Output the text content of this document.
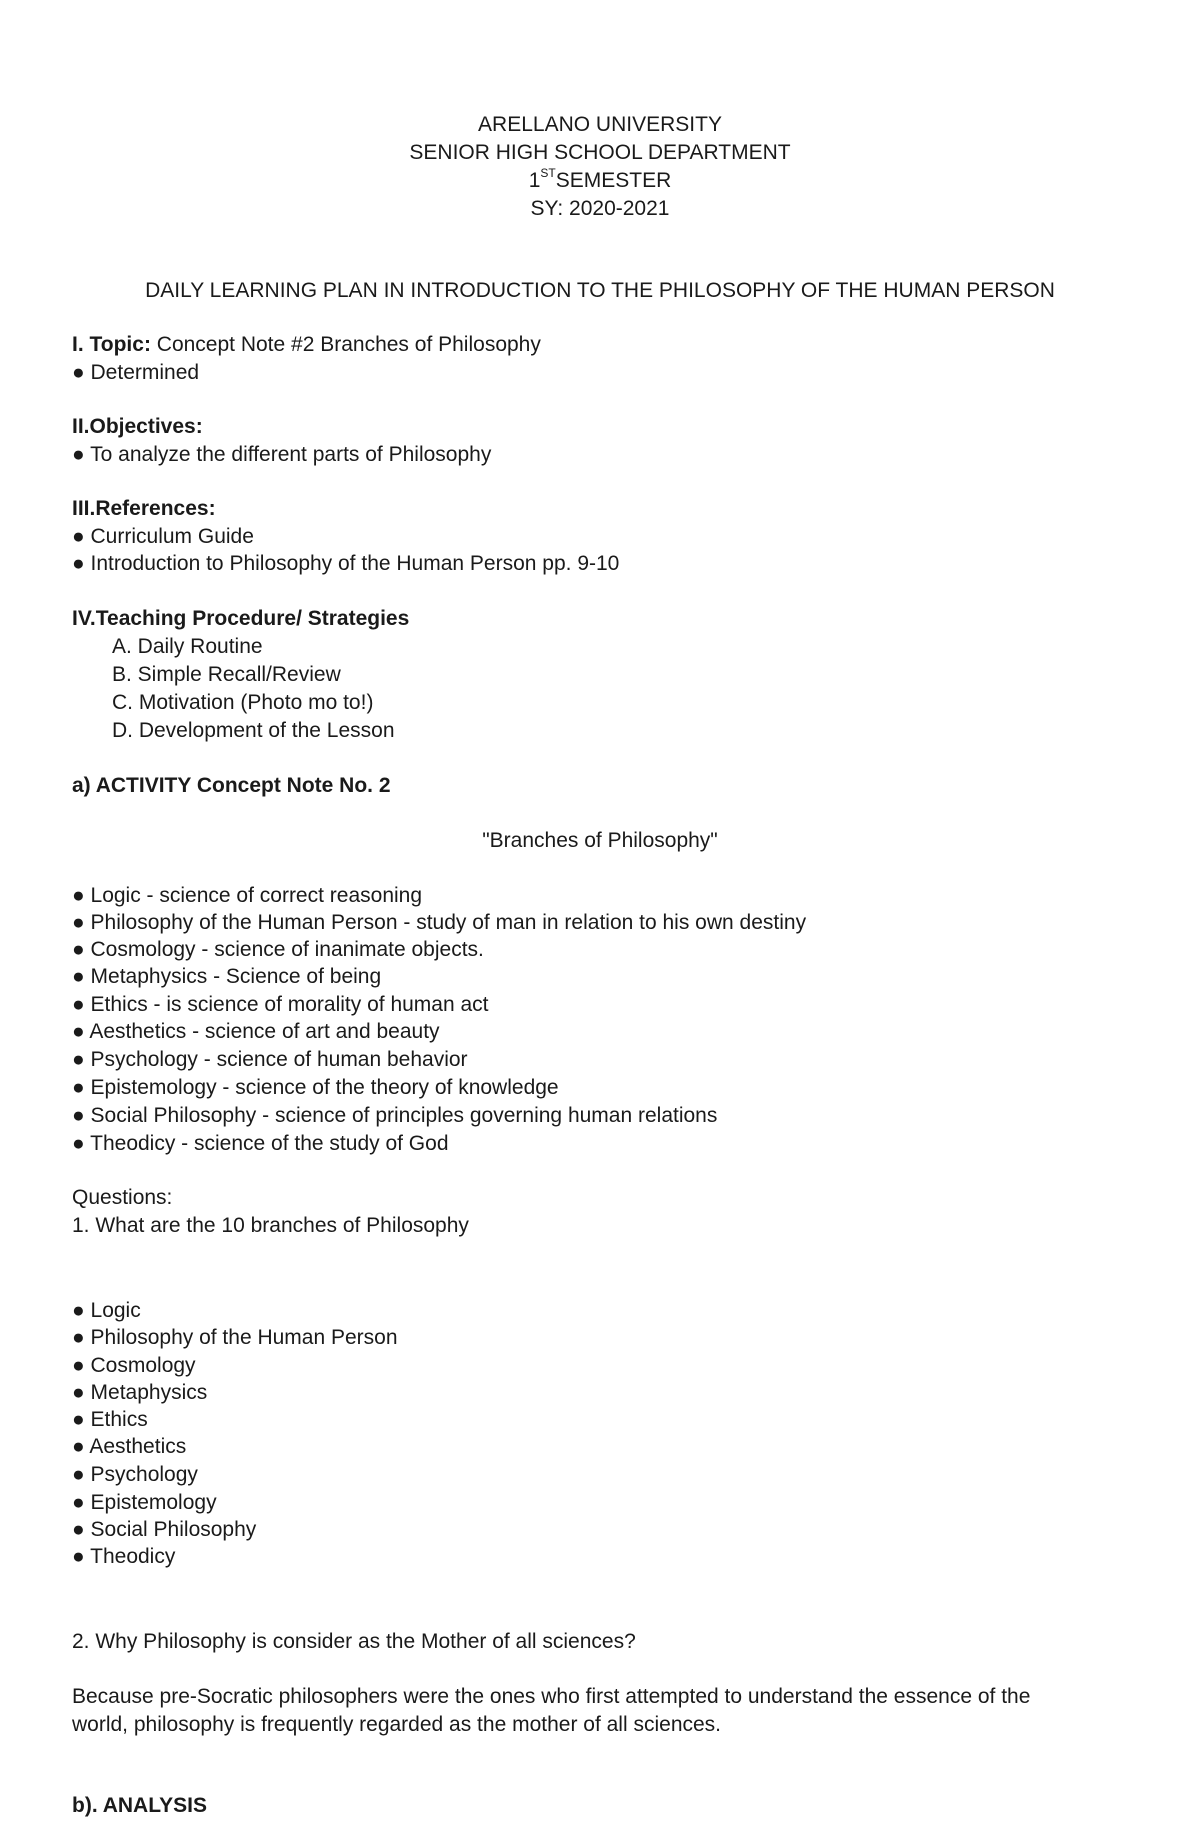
ARELLANO UNIVERSITY
SENIOR HIGH SCHOOL DEPARTMENT
1STSEMESTER
SY: 2020-2021
DAILY LEARNING PLAN IN INTRODUCTION TO THE PHILOSOPHY OF THE HUMAN PERSON
I. Topic: Concept Note #2 Branches of Philosophy
● Determined
II.Objectives:
● To analyze the different parts of Philosophy
III.References:
● Curriculum Guide
● Introduction to Philosophy of the Human Person pp. 9-10
IV.Teaching Procedure/ Strategies
A. Daily Routine
B. Simple Recall/Review
C. Motivation (Photo mo to!)
D. Development of the Lesson
a) ACTIVITY Concept Note No. 2
"Branches of Philosophy"
● Logic - science of correct reasoning
● Philosophy of the Human Person - study of man in relation to his own destiny
● Cosmology - science of inanimate objects.
● Metaphysics - Science of being
● Ethics - is science of morality of human act
● Aesthetics - science of art and beauty
● Psychology - science of human behavior
● Epistemology - science of the theory of knowledge
● Social Philosophy - science of principles governing human relations
● Theodicy - science of the study of God
Questions:
1. What are the 10 branches of Philosophy
● Logic
● Philosophy of the Human Person
● Cosmology
● Metaphysics
● Ethics
● Aesthetics
● Psychology
● Epistemology
● Social Philosophy
● Theodicy
2. Why Philosophy is consider as the Mother of all sciences?
Because pre-Socratic philosophers were the ones who first attempted to understand the essence of the world, philosophy is frequently regarded as the mother of all sciences.
b). ANALYSIS
